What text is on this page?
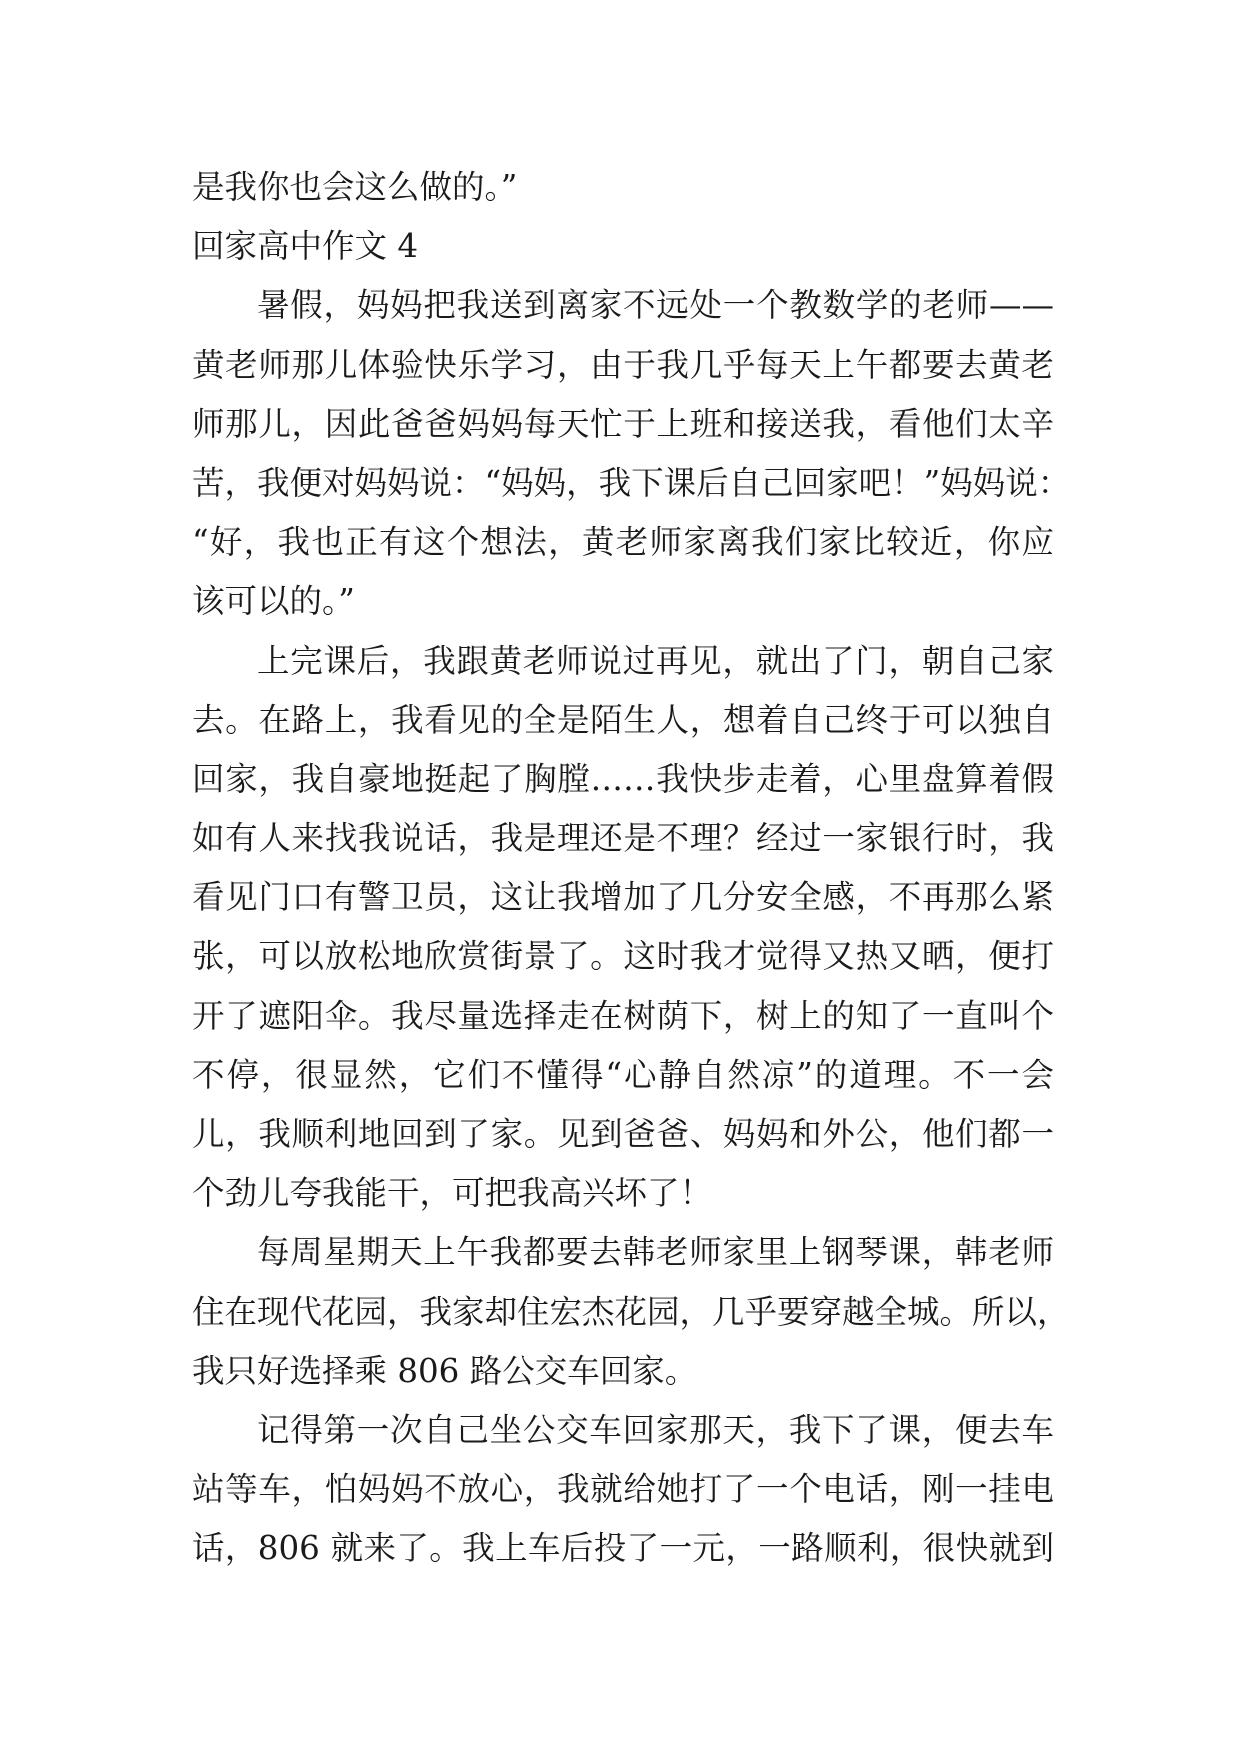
是我你也会这么做的。”
回家高中作文 4
暑假，妈妈把我送到离家不远处一个教数学的老师——
黄老师那儿体验快乐学习，由于我几乎每天上午都要去黄老
师那儿，因此爸爸妈妈每天忙于上班和接送我，看他们太辛
苦，我便对妈妈说：“妈妈，我下课后自己回家吧！”妈妈说：
“好，我也正有这个想法，黄老师家离我们家比较近，你应
该可以的。”
上完课后，我跟黄老师说过再见，就出了门，朝自己家
去。在路上，我看见的全是陌生人，想着自己终于可以独自
回家，我自豪地挺起了胸膛……我快步走着，心里盘算着假
如有人来找我说话，我是理还是不理？经过一家银行时，我
看见门口有警卫员，这让我增加了几分安全感，不再那么紧
张，可以放松地欣赏街景了。这时我才觉得又热又晒，便打
开了遮阳伞。我尽量选择走在树荫下，树上的知了一直叫个
不停，很显然，它们不懂得“心静自然凉”的道理。不一会
儿，我顺利地回到了家。见到爸爸、妈妈和外公，他们都一
个劲儿夸我能干，可把我高兴坏了！
每周星期天上午我都要去韩老师家里上钢琴课，韩老师
住在现代花园，我家却住宏杰花园，几乎要穿越全城。所以，
我只好选择乘 806 路公交车回家。
记得第一次自己坐公交车回家那天，我下了课，便去车
站等车，怕妈妈不放心，我就给她打了一个电话，刚一挂电
话，806 就来了。我上车后投了一元，一路顺利，很快就到
